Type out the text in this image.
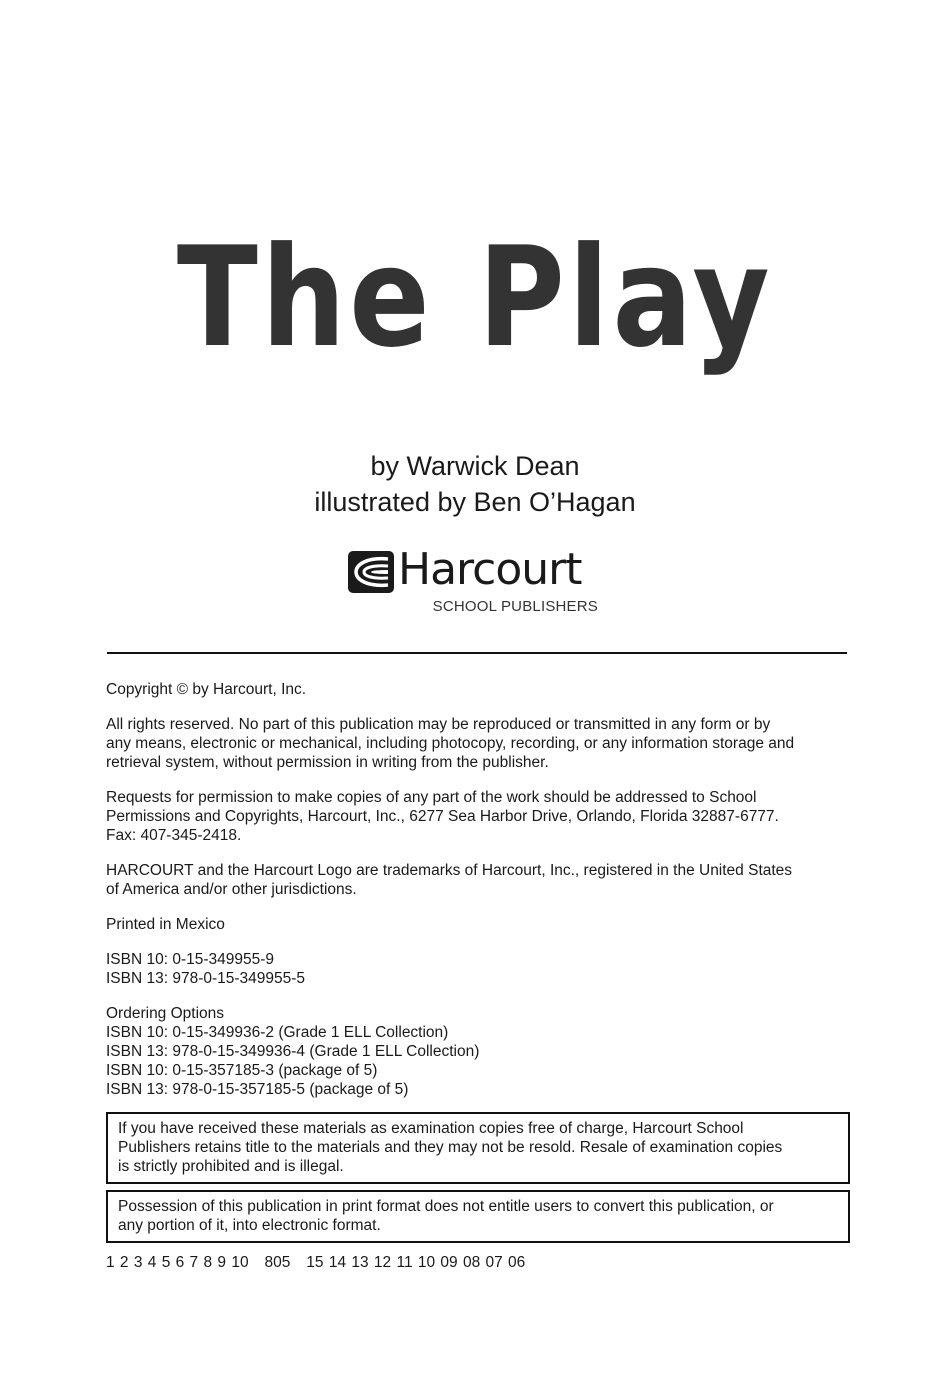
The Play
by Warwick Dean
illustrated by Ben O’Hagan
Harcourt
SCHOOL PUBLISHERS

Copyright © by Harcourt, Inc.

All rights reserved. No part of this publication may be reproduced or transmitted in any form or by
any means, electronic or mechanical, including photocopy, recording, or any information storage and
retrieval system, without permission in writing from the publisher.

Requests for permission to make copies of any part of the work should be addressed to School
Permissions and Copyrights, Harcourt, Inc., 6277 Sea Harbor Drive, Orlando, Florida 32887-6777.
Fax: 407-345-2418.

HARCOURT and the Harcourt Logo are trademarks of Harcourt, Inc., registered in the United States
of America and/or other jurisdictions.

Printed in Mexico

ISBN 10: 0-15-349955-9
ISBN 13: 978-0-15-349955-5

Ordering Options
ISBN 10: 0-15-349936-2 (Grade 1 ELL Collection)
ISBN 13: 978-0-15-349936-4 (Grade 1 ELL Collection)
ISBN 10: 0-15-357185-3 (package of 5)
ISBN 13: 978-0-15-357185-5 (package of 5)

If you have received these materials as examination copies free of charge, Harcourt School
Publishers retains title to the materials and they may not be resold. Resale of examination copies
is strictly prohibited and is illegal.
Possession of this publication in print format does not entitle users to convert this publication, or
any portion of it, into electronic format.
1 2 3 4 5 6 7 8 9 10   805   15 14 13 12 11 10 09 08 07 06
